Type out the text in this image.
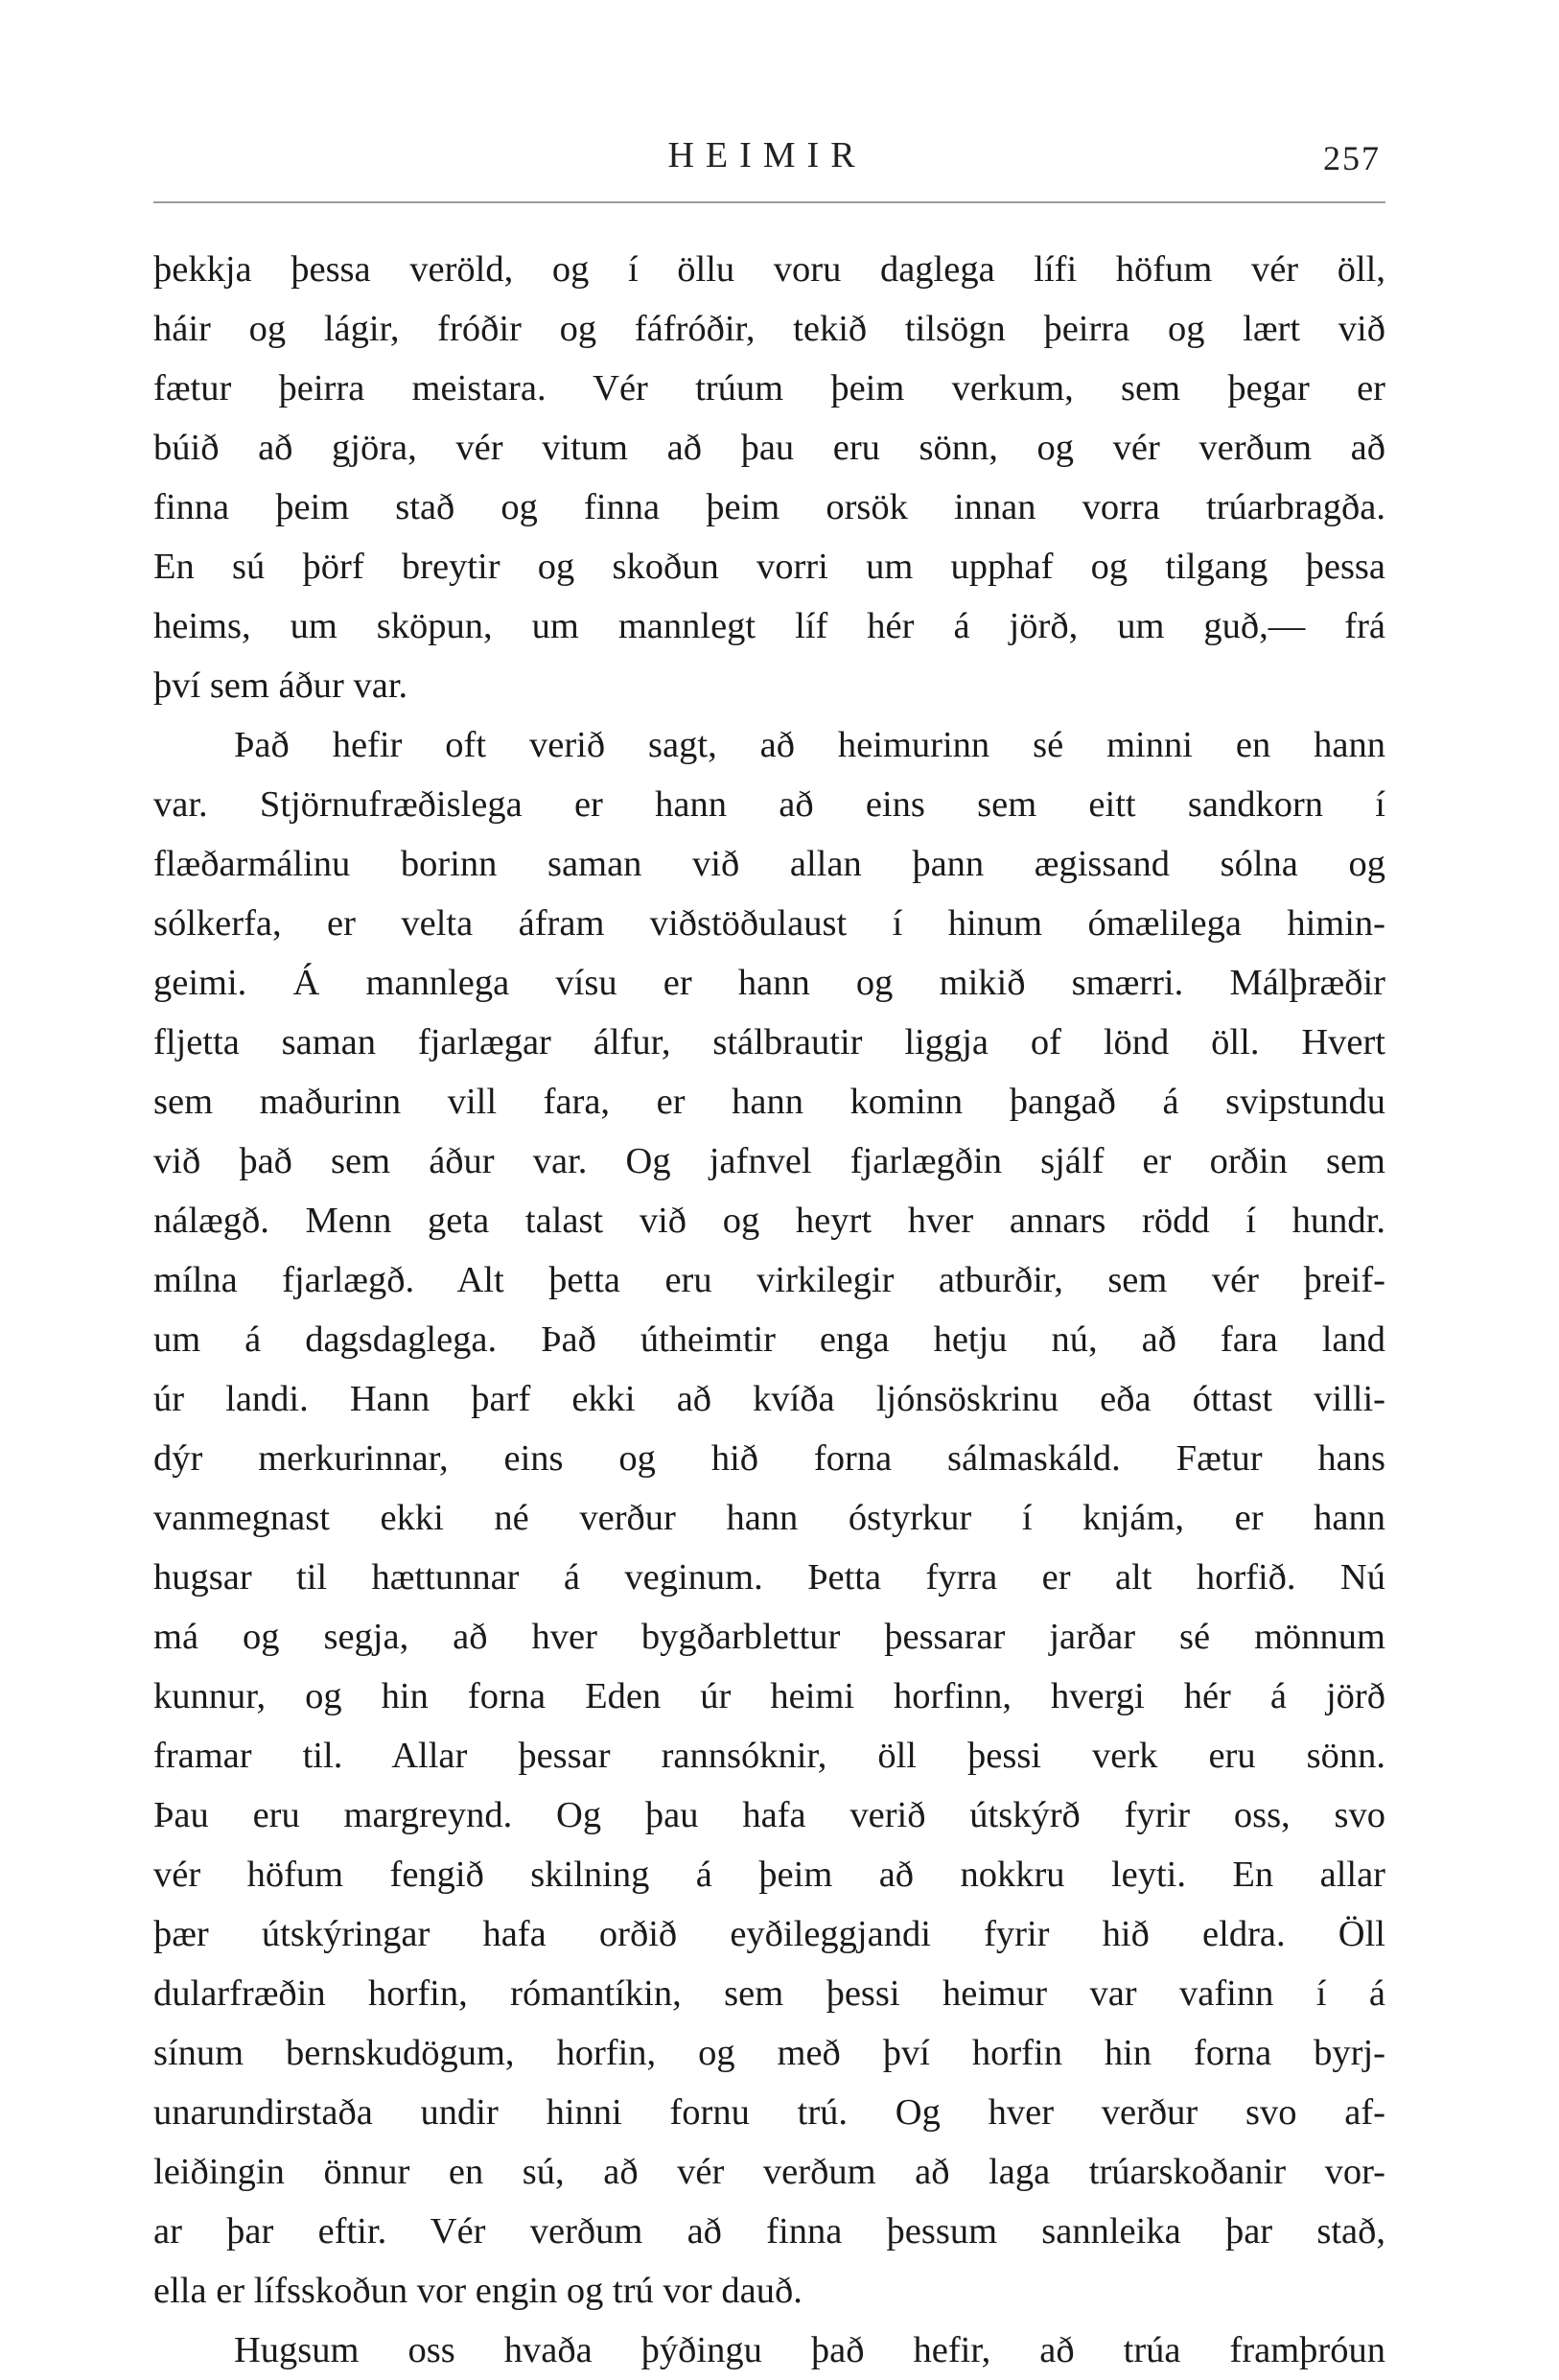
HEIMIR	257
þekkja þessa veröld, og í öllu voru daglega lífi höfum vér öll,
háir og lágir, fróðir og fáfróðir, tekið tilsögn þeirra og lært við
fætur þeirra meistara. Vér trúum þeim verkum, sem þegar er
búið að gjöra, vér vitum að þau eru sönn, og vér verðum að
finna þeim stað og finna þeim orsök innan vorra trúarbragða.
En sú þörf breytir og skoðun vorri um upphaf og tilgang þessa
heims, um sköpun, um mannlegt líf hér á jörð, um guð,— frá
því sem áður var.
Það hefir oft verið sagt, að heimurinn sé minni en hann
var. Stjörnufræðislega er hann að eins sem eitt sandkorn í
flæðarmálinu borinn saman við allan þann ægissand sólna og
sólkerfa, er velta áfram viðstöðulaust í hinum ómælilega himin-
geimi. Á mannlega vísu er hann og mikið smærri. Málþræðir
fljetta saman fjarlægar álfur, stálbrautir liggja of lönd öll. Hvert
sem maðurinn vill fara, er hann kominn þangað á svipstundu
við það sem áður var. Og jafnvel fjarlægðin sjálf er orðin sem
nálægð. Menn geta talast við og heyrt hver annars rödd í hundr.
mílna fjarlægð. Alt þetta eru virkilegir atburðir, sem vér þreif-
um á dagsdaglega. Það útheimtir enga hetju nú, að fara land
úr landi. Hann þarf ekki að kvíða ljónsöskrinu eða óttast villi-
dýr merkurinnar, eins og hið forna sálmaskáld. Fætur hans
vanmegnast ekki né verður hann óstyrkur í knjám, er hann
hugsar til hættunnar á veginum. Þetta fyrra er alt horfið. Nú
má og segja, að hver bygðarblettur þessarar jarðar sé mönnum
kunnur, og hin forna Eden úr heimi horfinn, hvergi hér á jörð
framar til. Allar þessar rannsóknir, öll þessi verk eru sönn.
Þau eru margreynd. Og þau hafa verið útskýrð fyrir oss, svo
vér höfum fengið skilning á þeim að nokkru leyti. En allar
þær útskýringar hafa orðið eyðileggjandi fyrir hið eldra. Öll
dularfræðin horfin, rómantíkin, sem þessi heimur var vafinn í á
sínum bernskudögum, horfin, og með því horfin hin forna byrj-
unarundirstaða undir hinni fornu trú. Og hver verður svo af-
leiðingin önnur en sú, að vér verðum að laga trúarskoðanir vor-
ar þar eftir. Vér verðum að finna þessum sannleika þar stað,
ella er lífsskoðun vor engin og trú vor dauð.
Hugsum oss hvaða þýðingu það hefir, að trúa framþróun
